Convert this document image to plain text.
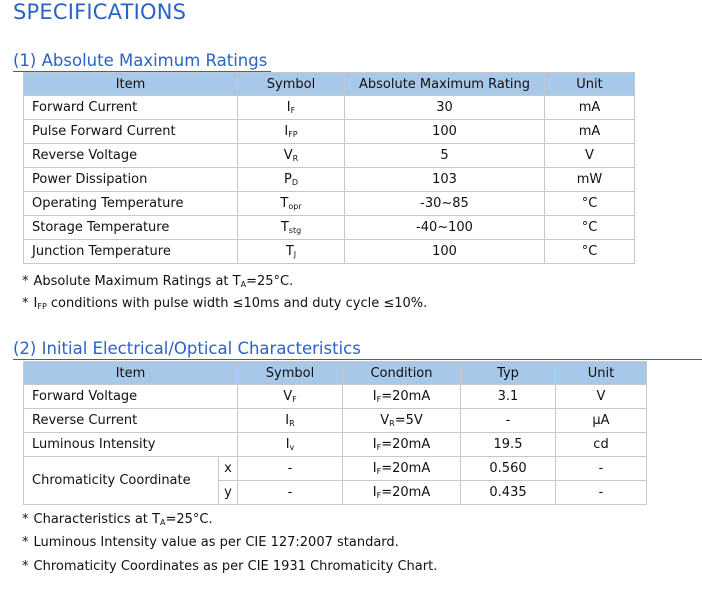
SPECIFICATIONS
(1) Absolute Maximum Ratings
Item	Symbol	Absolute Maximum Rating	Unit
Forward Current	$I_F$	30	mA
Pulse Forward Current	$I_{FP}$	100	mA
Reverse Voltage	$V_R$	5	V
Power Dissipation	$P_D$	103	mW
Operating Temperature	$T_{opr}$	-30~85	°C
Storage Temperature	$T_{stg}$	-40~100	°C
Junction Temperature	$T_J$	100	°C
* Absolute Maximum Ratings at $T_A=25^\circ C$.
* $I_{FP}$ conditions with pulse width ≤10ms and duty cycle ≤10%.
(2) Initial Electrical/Optical Characteristics
Item		Symbol	Condition	Typ	Unit
Forward Voltage		$V_F$	$I_F=20mA$	3.1	V
Reverse Current		$I_R$	$V_R=5V$	-	μA
Luminous Intensity		$I_v$	$I_F=20mA$	19.5	cd
Chromaticity Coordinate	x	-	$I_F=20mA$	0.560	-
	y	-	$I_F=20mA$	0.435	-
* Characteristics at $T_A=25^\circ C$.
* Luminous Intensity value as per CIE 127:2007 standard.
* Chromaticity Coordinates as per CIE 1931 Chromaticity Chart.
